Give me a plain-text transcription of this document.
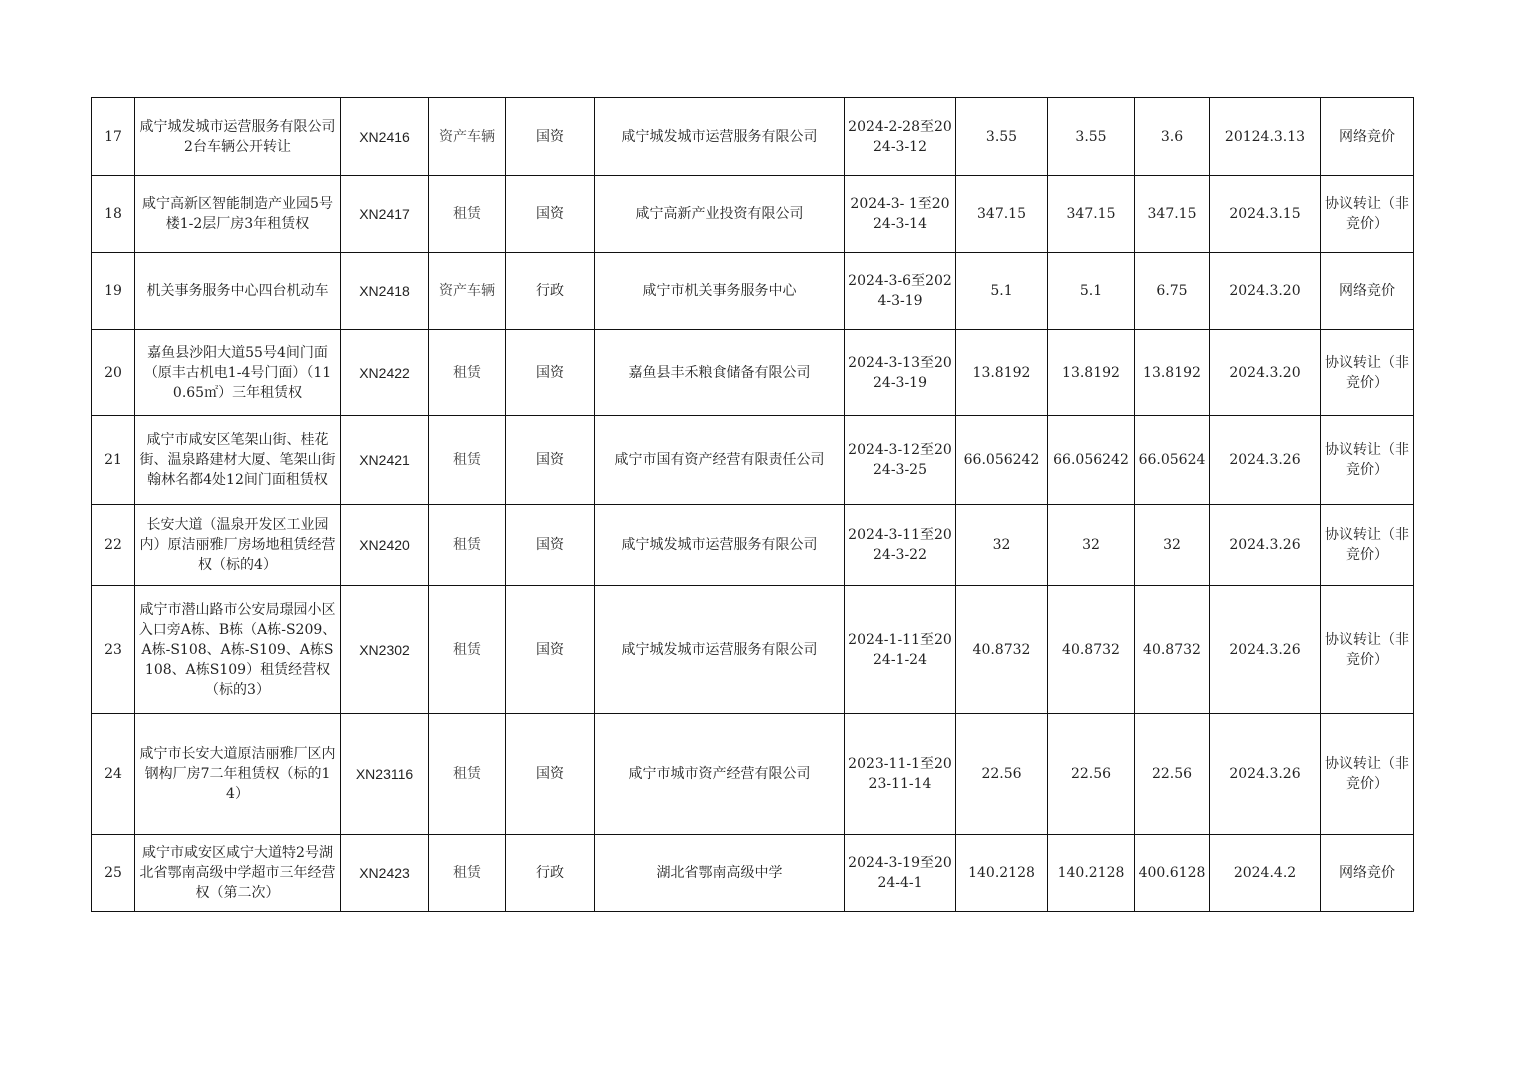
17	咸宁城发城市运营服务有限公司2台车辆公开转让	XN2416	资产车辆	国资	咸宁城发城市运营服务有限公司	2024-2-28至2024-3-12	3.55	3.55	3.6	20124.3.13	网络竞价
18	咸宁高新区智能制造产业园5号楼1-2层厂房3年租赁权	XN2417	租赁	国资	咸宁高新产业投资有限公司	2024-3- 1至2024-3-14	347.15	347.15	347.15	2024.3.15	协议转让（非竞价）
19	机关事务服务中心四台机动车	XN2418	资产车辆	行政	咸宁市机关事务服务中心	2024-3-6至2024-3-19	5.1	5.1	6.75	2024.3.20	网络竞价
20	嘉鱼县沙阳大道55号4间门面（原丰古机电1-4号门面）（110.65㎡）三年租赁权	XN2422	租赁	国资	嘉鱼县丰禾粮食储备有限公司	2024-3-13至2024-3-19	13.8192	13.8192	13.8192	2024.3.20	协议转让（非竞价）
21	咸宁市咸安区笔架山街、桂花街、温泉路建材大厦、笔架山街翰林名都4处12间门面租赁权	XN2421	租赁	国资	咸宁市国有资产经营有限责任公司	2024-3-12至2024-3-25	66.056242	66.056242	66.05624	2024.3.26	协议转让（非竞价）
22	长安大道（温泉开发区工业园内）原洁丽雅厂房场地租赁经营权（标的4）	XN2420	租赁	国资	咸宁城发城市运营服务有限公司	2024-3-11至2024-3-22	32	32	32	2024.3.26	协议转让（非竞价）
23	咸宁市潜山路市公安局璟园小区入口旁A栋、B栋（A栋-S209、A栋-S108、A栋-S109、A栋S108、A栋S109）租赁经营权（标的3）	XN2302	租赁	国资	咸宁城发城市运营服务有限公司	2024-1-11至2024-1-24	40.8732	40.8732	40.8732	2024.3.26	协议转让（非竞价）
24	咸宁市长安大道原洁丽雅厂区内钢构厂房7二年租赁权（标的14）	XN23116	租赁	国资	咸宁市城市资产经营有限公司	2023-11-1至2023-11-14	22.56	22.56	22.56	2024.3.26	协议转让（非竞价）
25	咸宁市咸安区咸宁大道特2号湖北省鄂南高级中学超市三年经营权（第二次）	XN2423	租赁	行政	湖北省鄂南高级中学	2024-3-19至2024-4-1	140.2128	140.2128	400.6128	2024.4.2	网络竞价
